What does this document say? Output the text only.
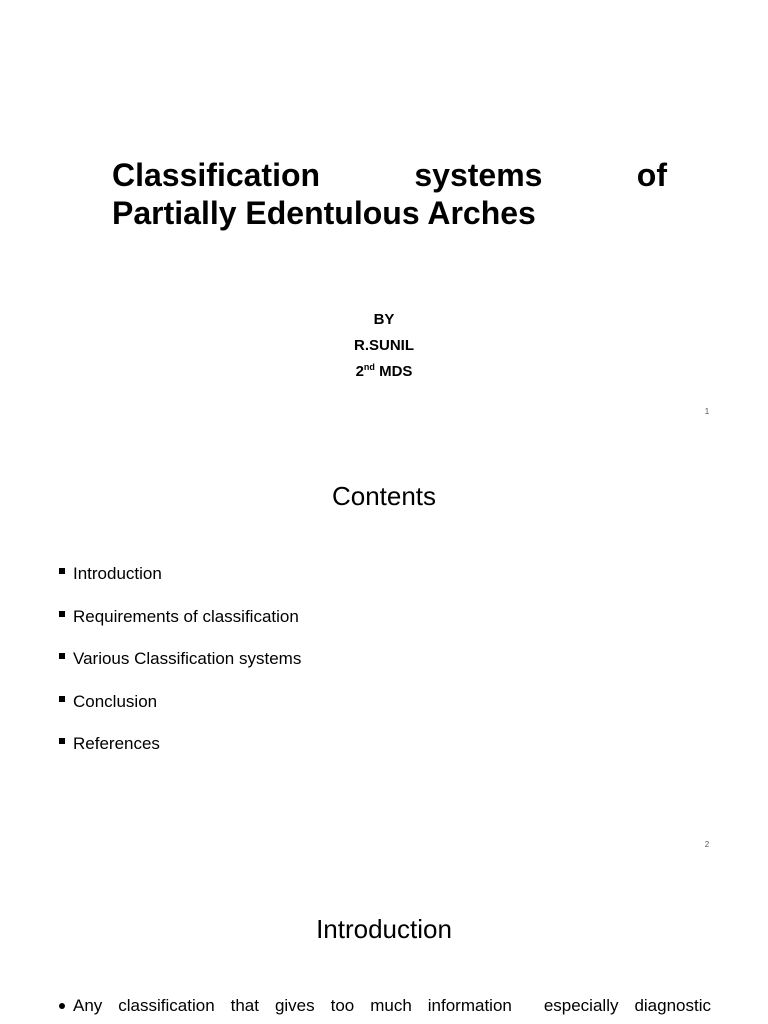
Classification	systems	of
Partially Edentulous Arches

BY

R.SUNIL

2nd MDS

1
Contents
Introduction
Requirements of classification
Various Classification systems
Conclusion
References
2
Introduction

Any classification that gives too much information  especially diagnostic
